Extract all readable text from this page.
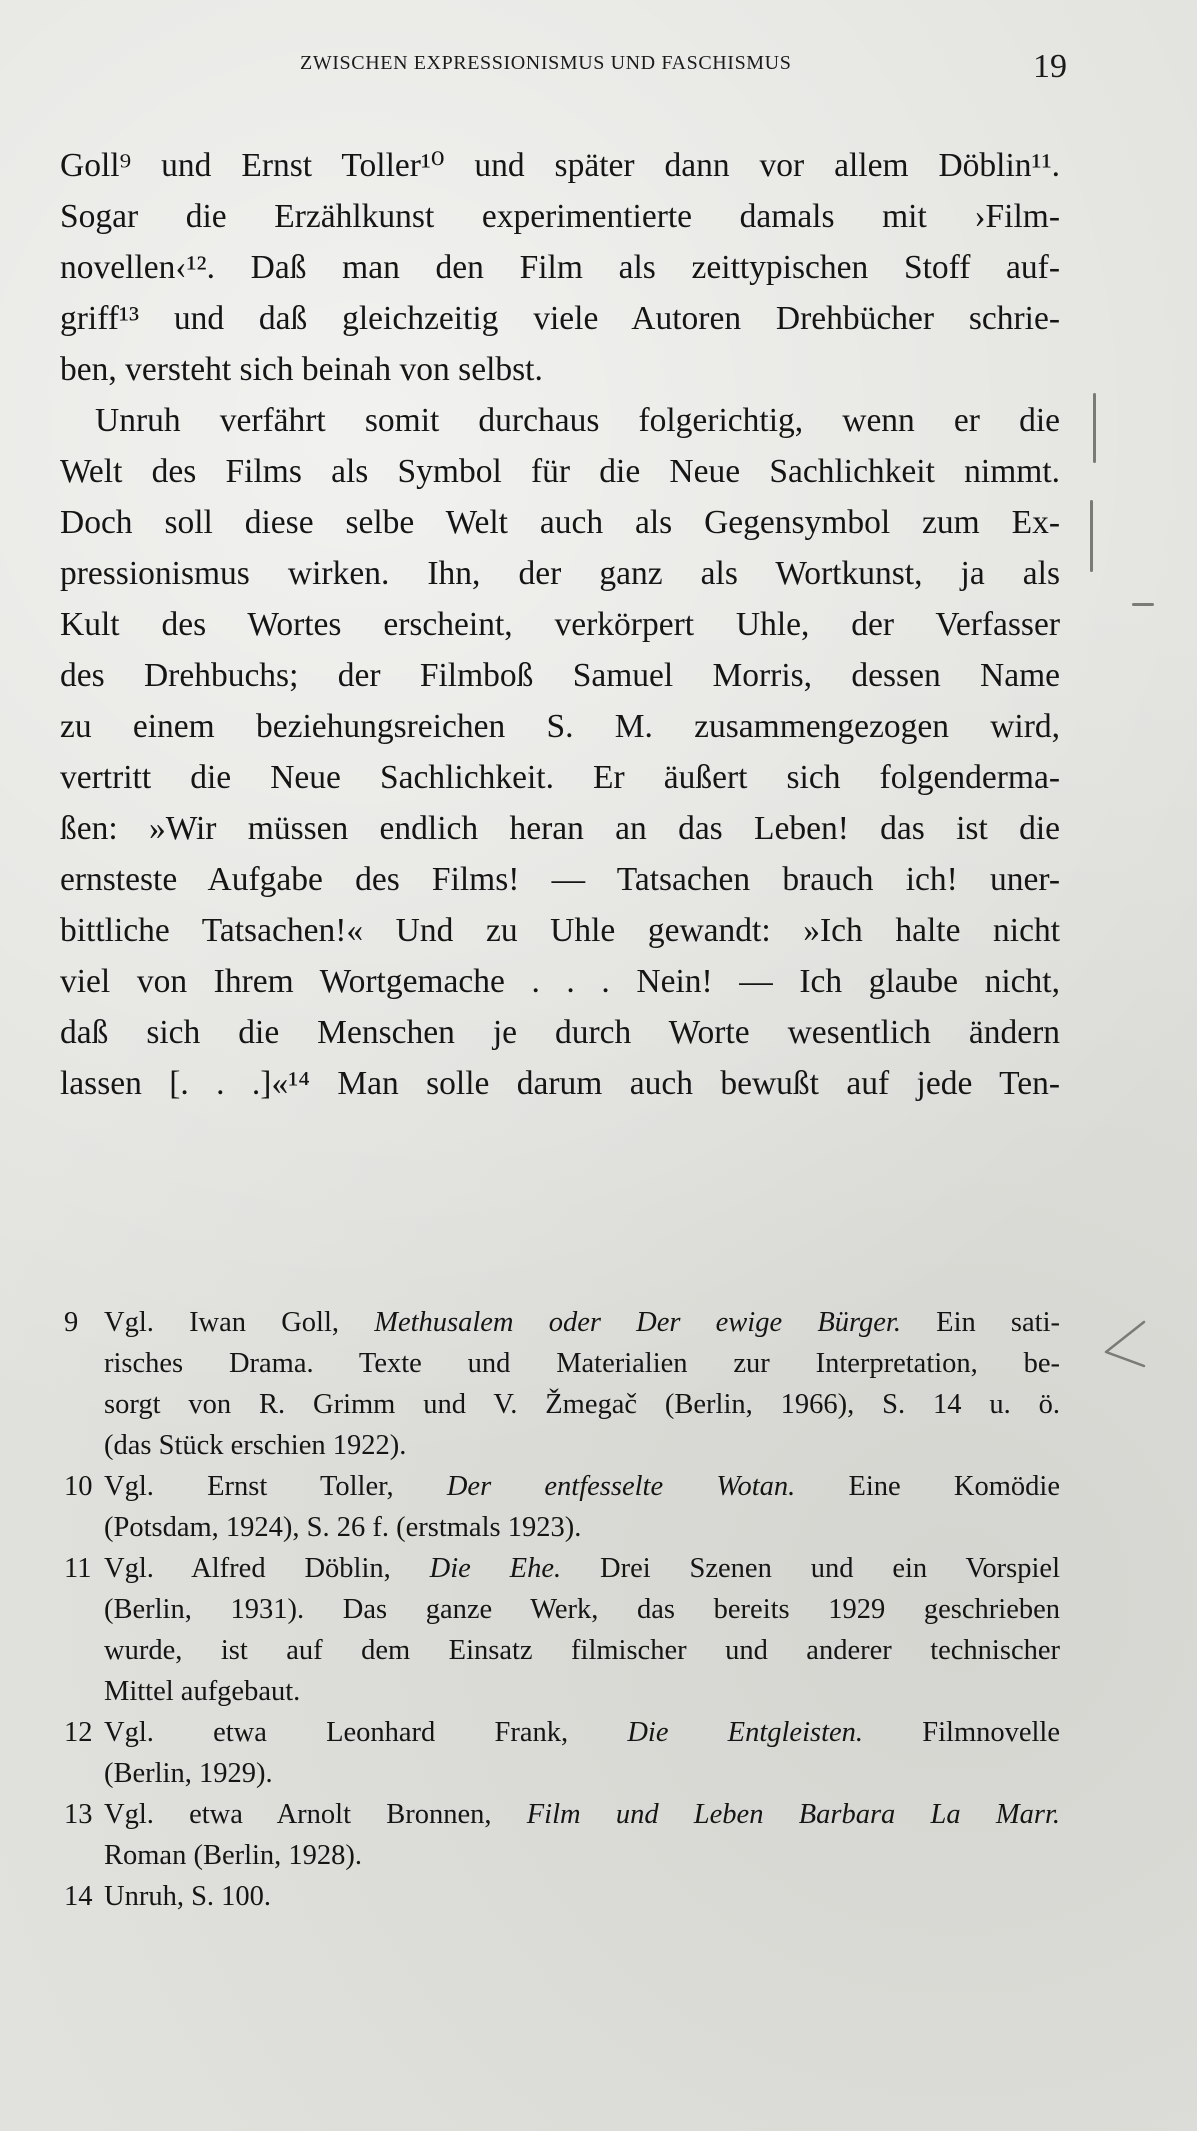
ZWISCHEN EXPRESSIONISMUS UND FASCHISMUS	19
Goll⁹ und Ernst Toller¹⁰ und später dann vor allem Döblin¹¹.
Sogar die Erzählkunst experimentierte damals mit ›Film-
novellen‹¹². Daß man den Film als zeittypischen Stoff auf-
griff¹³ und daß gleichzeitig viele Autoren Drehbücher schrie-
ben, versteht sich beinah von selbst.
Unruh verfährt somit durchaus folgerichtig, wenn er die
Welt des Films als Symbol für die Neue Sachlichkeit nimmt.
Doch soll diese selbe Welt auch als Gegensymbol zum Ex-
pressionismus wirken. Ihn, der ganz als Wortkunst, ja als
Kult des Wortes erscheint, verkörpert Uhle, der Verfasser
des Drehbuchs; der Filmboß Samuel Morris, dessen Name
zu einem beziehungsreichen S. M. zusammengezogen wird,
vertritt die Neue Sachlichkeit. Er äußert sich folgenderma-
ßen: »Wir müssen endlich heran an das Leben! das ist die
ernsteste Aufgabe des Films! — Tatsachen brauch ich! uner-
bittliche Tatsachen!« Und zu Uhle gewandt: »Ich halte nicht
viel von Ihrem Wortgemache . . . Nein! — Ich glaube nicht,
daß sich die Menschen je durch Worte wesentlich ändern
lassen [. . .]«¹⁴ Man solle darum auch bewußt auf jede Ten-
9 Vgl. Iwan Goll, Methusalem oder Der ewige Bürger. Ein sati-
risches Drama. Texte und Materialien zur Interpretation, be-
sorgt von R. Grimm und V. Žmegač (Berlin, 1966), S. 14 u. ö.
(das Stück erschien 1922).
10 Vgl. Ernst Toller, Der entfesselte Wotan. Eine Komödie
(Potsdam, 1924), S. 26 f. (erstmals 1923).
11 Vgl. Alfred Döblin, Die Ehe. Drei Szenen und ein Vorspiel
(Berlin, 1931). Das ganze Werk, das bereits 1929 geschrieben
wurde, ist auf dem Einsatz filmischer und anderer technischer
Mittel aufgebaut.
12 Vgl. etwa Leonhard Frank, Die Entgleisten. Filmnovelle
(Berlin, 1929).
13 Vgl. etwa Arnolt Bronnen, Film und Leben Barbara La Marr.
Roman (Berlin, 1928).
14 Unruh, S. 100.
